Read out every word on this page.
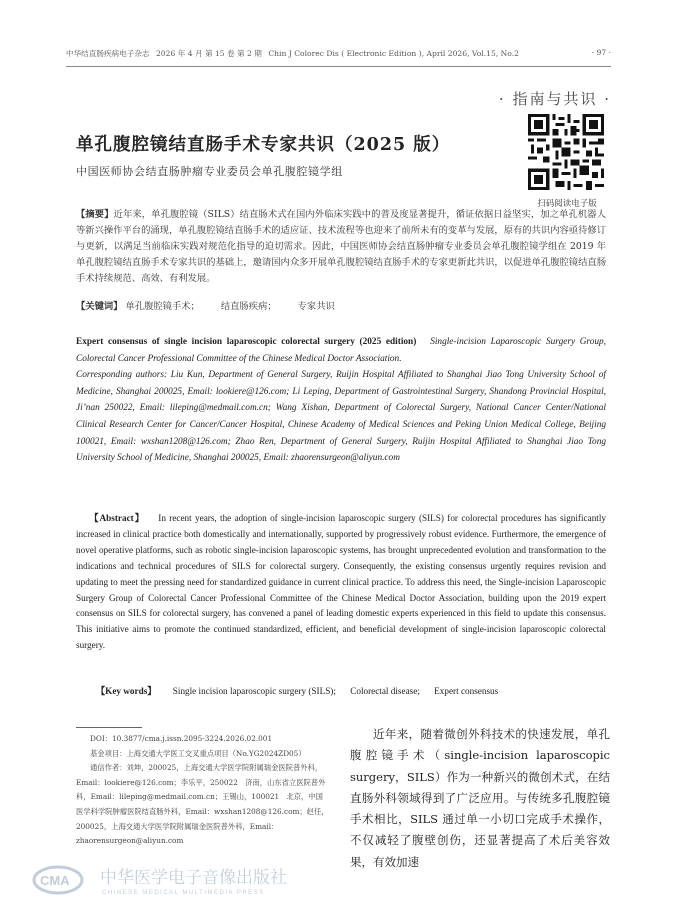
中华结直肠疾病电子杂志 2026 年 4 月 第 15 卷 第 2 期 Chin J Colorec Dis ( Electronic Edition ), April 2026, Vol.15, No.2	· 97 ·
· 指南与共识 ·
单孔腹腔镜结直肠手术专家共识（2025 版）
中国医师协会结直肠肿瘤专业委员会单孔腹腔镜学组
扫码阅读电子版

【摘要】近年来，单孔腹腔镜（SILS）结直肠术式在国内外临床实践中的普及度显著提升，循证依据日益坚实，加之单孔机器人等新兴操作平台的涌现，单孔腹腔镜结直肠手术的适应证、技术流程等也迎来了前所未有的变革与发展，原有的共识内容亟待修订与更新，以满足当前临床实践对规范化指导的迫切需求。因此，中国医师协会结直肠肿瘤专业委员会单孔腹腔镜学组在 2019 年单孔腹腔镜结直肠手术专家共识的基础上，邀请国内众多开展单孔腹腔镜结直肠手术的专家更新此共识，以促进单孔腹腔镜结直肠手术持续规范、高效、有利发展。

【关键词】 单孔腹腔镜手术； 结直肠疾病； 专家共识
Expert consensus of single incision laparoscopic colorectal surgery (2025 edition) Single-incision Laparoscopic Surgery Group, Colorectal Cancer Professional Committee of the Chinese Medical Doctor Association.
Corresponding authors: Liu Kun, Department of General Surgery, Ruijin Hospital Affiliated to Shanghai Jiao Tong University School of Medicine, Shanghai 200025, Email: lookiere@126.com; Li Leping, Department of Gastrointestinal Surgery, Shandong Provincial Hospital, Ji’nan 250022, Email: lileping@medmail.com.cn; Wang Xishan, Department of Colorectal Surgery, National Cancer Center/National Clinical Research Center for Cancer/Cancer Hospital, Chinese Academy of Medical Sciences and Peking Union Medical College, Beijing 100021, Email: wxshan1208@126.com; Zhao Ren, Department of General Surgery, Ruijin Hospital Affiliated to Shanghai Jiao Tong University School of Medicine, Shanghai 200025, Email: zhaorensurgeon@aliyun.com

【Abstract】 In recent years, the adoption of single-incision laparoscopic surgery (SILS) for colorectal procedures has significantly increased in clinical practice both domestically and internationally, supported by progressively robust evidence. Furthermore, the emergence of novel operative platforms, such as robotic single-incision laparoscopic systems, has brought unprecedented evolution and transformation to the indications and technical procedures of SILS for colorectal surgery. Consequently, the existing consensus urgently requires revision and updating to meet the pressing need for standardized guidance in current clinical practice. To address this need, the Single-incision Laparoscopic Surgery Group of Colorectal Cancer Professional Committee of the Chinese Medical Doctor Association, building upon the 2019 expert consensus on SILS for colorectal surgery, has convened a panel of leading domestic experts experienced in this field to update this consensus. This initiative aims to promote the continued standardized, efficient, and beneficial development of single-incision laparoscopic colorectal surgery.

【Key words】 Single incision laparoscopic surgery (SILS); Colorectal disease; Expert consensus
DOI：10.3877/cma.j.issn.2095-3224.2026.02.001
基金项目：上海交通大学医工交叉重点项目（No.YG2024ZD05）
通信作者：刘坤，200025，上海交通大学医学院附属瑞金医院普外科，Email：lookiere@126.com；李乐平，250022　济南，山东省立医院普外科，Email：lileping@medmail.com.cn；王锡山，100021　北京，中国医学科学院肿瘤医院结直肠外科，Email：wxshan1208@126.com；赵任，200025，上海交通大学医学院附属瑞金医院普外科，Email：zhaorensurgeon@aliyun.com

近年来，随着微创外科技术的快速发展，单孔腹腔镜手术（single-incision laparoscopic surgery，SILS）作为一种新兴的微创术式，在结直肠外科领域得到了广泛应用。与传统多孔腹腔镜手术相比，SILS 通过单一小切口完成手术操作，不仅减轻了腹壁创伤，还显著提高了术后美容效果，有效加速

CMA 中华医学电子音像出版社
CHINESE MEDICAL MULTIMEDIA PRESS
